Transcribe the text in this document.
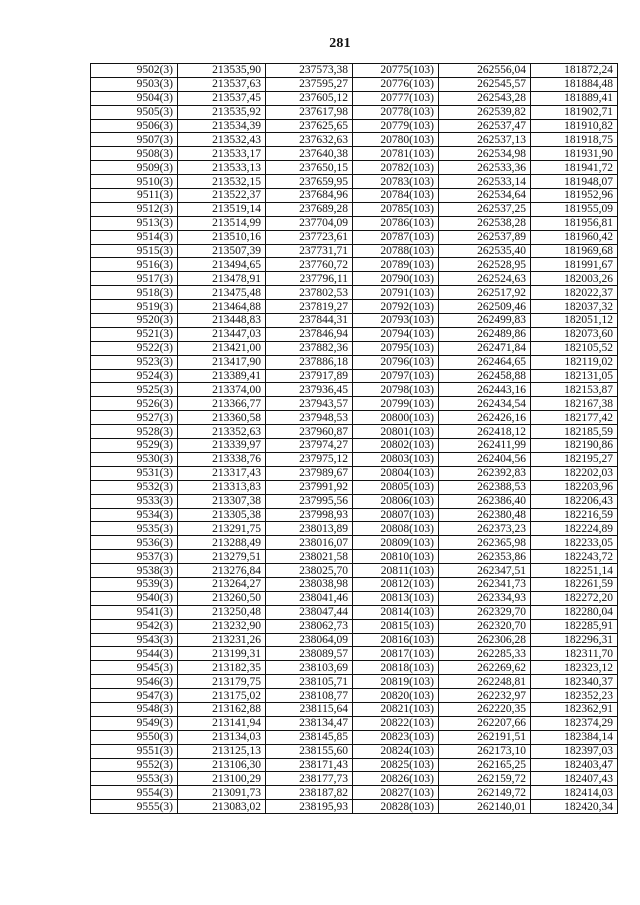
281
9502(3)	213535,90	237573,38	20775(103)	262556,04	181872,24
9503(3)	213537,63	237595,27	20776(103)	262545,57	181884,48
9504(3)	213537,45	237605,12	20777(103)	262543,28	181889,41
9505(3)	213535,92	237617,98	20778(103)	262539,82	181902,71
9506(3)	213534,39	237625,65	20779(103)	262537,47	181910,82
9507(3)	213532,43	237632,63	20780(103)	262537,13	181918,75
9508(3)	213533,17	237640,38	20781(103)	262534,98	181931,90
9509(3)	213533,13	237650,15	20782(103)	262533,36	181941,72
9510(3)	213532,15	237659,95	20783(103)	262533,14	181948,07
9511(3)	213522,37	237684,96	20784(103)	262534,64	181952,96
9512(3)	213519,14	237689,28	20785(103)	262537,25	181955,09
9513(3)	213514,99	237704,09	20786(103)	262538,28	181956,81
9514(3)	213510,16	237723,61	20787(103)	262537,89	181960,42
9515(3)	213507,39	237731,71	20788(103)	262535,40	181969,68
9516(3)	213494,65	237760,72	20789(103)	262528,95	181991,67
9517(3)	213478,91	237796,11	20790(103)	262524,63	182003,26
9518(3)	213475,48	237802,53	20791(103)	262517,92	182022,37
9519(3)	213464,88	237819,27	20792(103)	262509,46	182037,32
9520(3)	213448,83	237844,31	20793(103)	262499,83	182051,12
9521(3)	213447,03	237846,94	20794(103)	262489,86	182073,60
9522(3)	213421,00	237882,36	20795(103)	262471,84	182105,52
9523(3)	213417,90	237886,18	20796(103)	262464,65	182119,02
9524(3)	213389,41	237917,89	20797(103)	262458,88	182131,05
9525(3)	213374,00	237936,45	20798(103)	262443,16	182153,87
9526(3)	213366,77	237943,57	20799(103)	262434,54	182167,38
9527(3)	213360,58	237948,53	20800(103)	262426,16	182177,42
9528(3)	213352,63	237960,87	20801(103)	262418,12	182185,59
9529(3)	213339,97	237974,27	20802(103)	262411,99	182190,86
9530(3)	213338,76	237975,12	20803(103)	262404,56	182195,27
9531(3)	213317,43	237989,67	20804(103)	262392,83	182202,03
9532(3)	213313,83	237991,92	20805(103)	262388,53	182203,96
9533(3)	213307,38	237995,56	20806(103)	262386,40	182206,43
9534(3)	213305,38	237998,93	20807(103)	262380,48	182216,59
9535(3)	213291,75	238013,89	20808(103)	262373,23	182224,89
9536(3)	213288,49	238016,07	20809(103)	262365,98	182233,05
9537(3)	213279,51	238021,58	20810(103)	262353,86	182243,72
9538(3)	213276,84	238025,70	20811(103)	262347,51	182251,14
9539(3)	213264,27	238038,98	20812(103)	262341,73	182261,59
9540(3)	213260,50	238041,46	20813(103)	262334,93	182272,20
9541(3)	213250,48	238047,44	20814(103)	262329,70	182280,04
9542(3)	213232,90	238062,73	20815(103)	262320,70	182285,91
9543(3)	213231,26	238064,09	20816(103)	262306,28	182296,31
9544(3)	213199,31	238089,57	20817(103)	262285,33	182311,70
9545(3)	213182,35	238103,69	20818(103)	262269,62	182323,12
9546(3)	213179,75	238105,71	20819(103)	262248,81	182340,37
9547(3)	213175,02	238108,77	20820(103)	262232,97	182352,23
9548(3)	213162,88	238115,64	20821(103)	262220,35	182362,91
9549(3)	213141,94	238134,47	20822(103)	262207,66	182374,29
9550(3)	213134,03	238145,85	20823(103)	262191,51	182384,14
9551(3)	213125,13	238155,60	20824(103)	262173,10	182397,03
9552(3)	213106,30	238171,43	20825(103)	262165,25	182403,47
9553(3)	213100,29	238177,73	20826(103)	262159,72	182407,43
9554(3)	213091,73	238187,82	20827(103)	262149,72	182414,03
9555(3)	213083,02	238195,93	20828(103)	262140,01	182420,34
